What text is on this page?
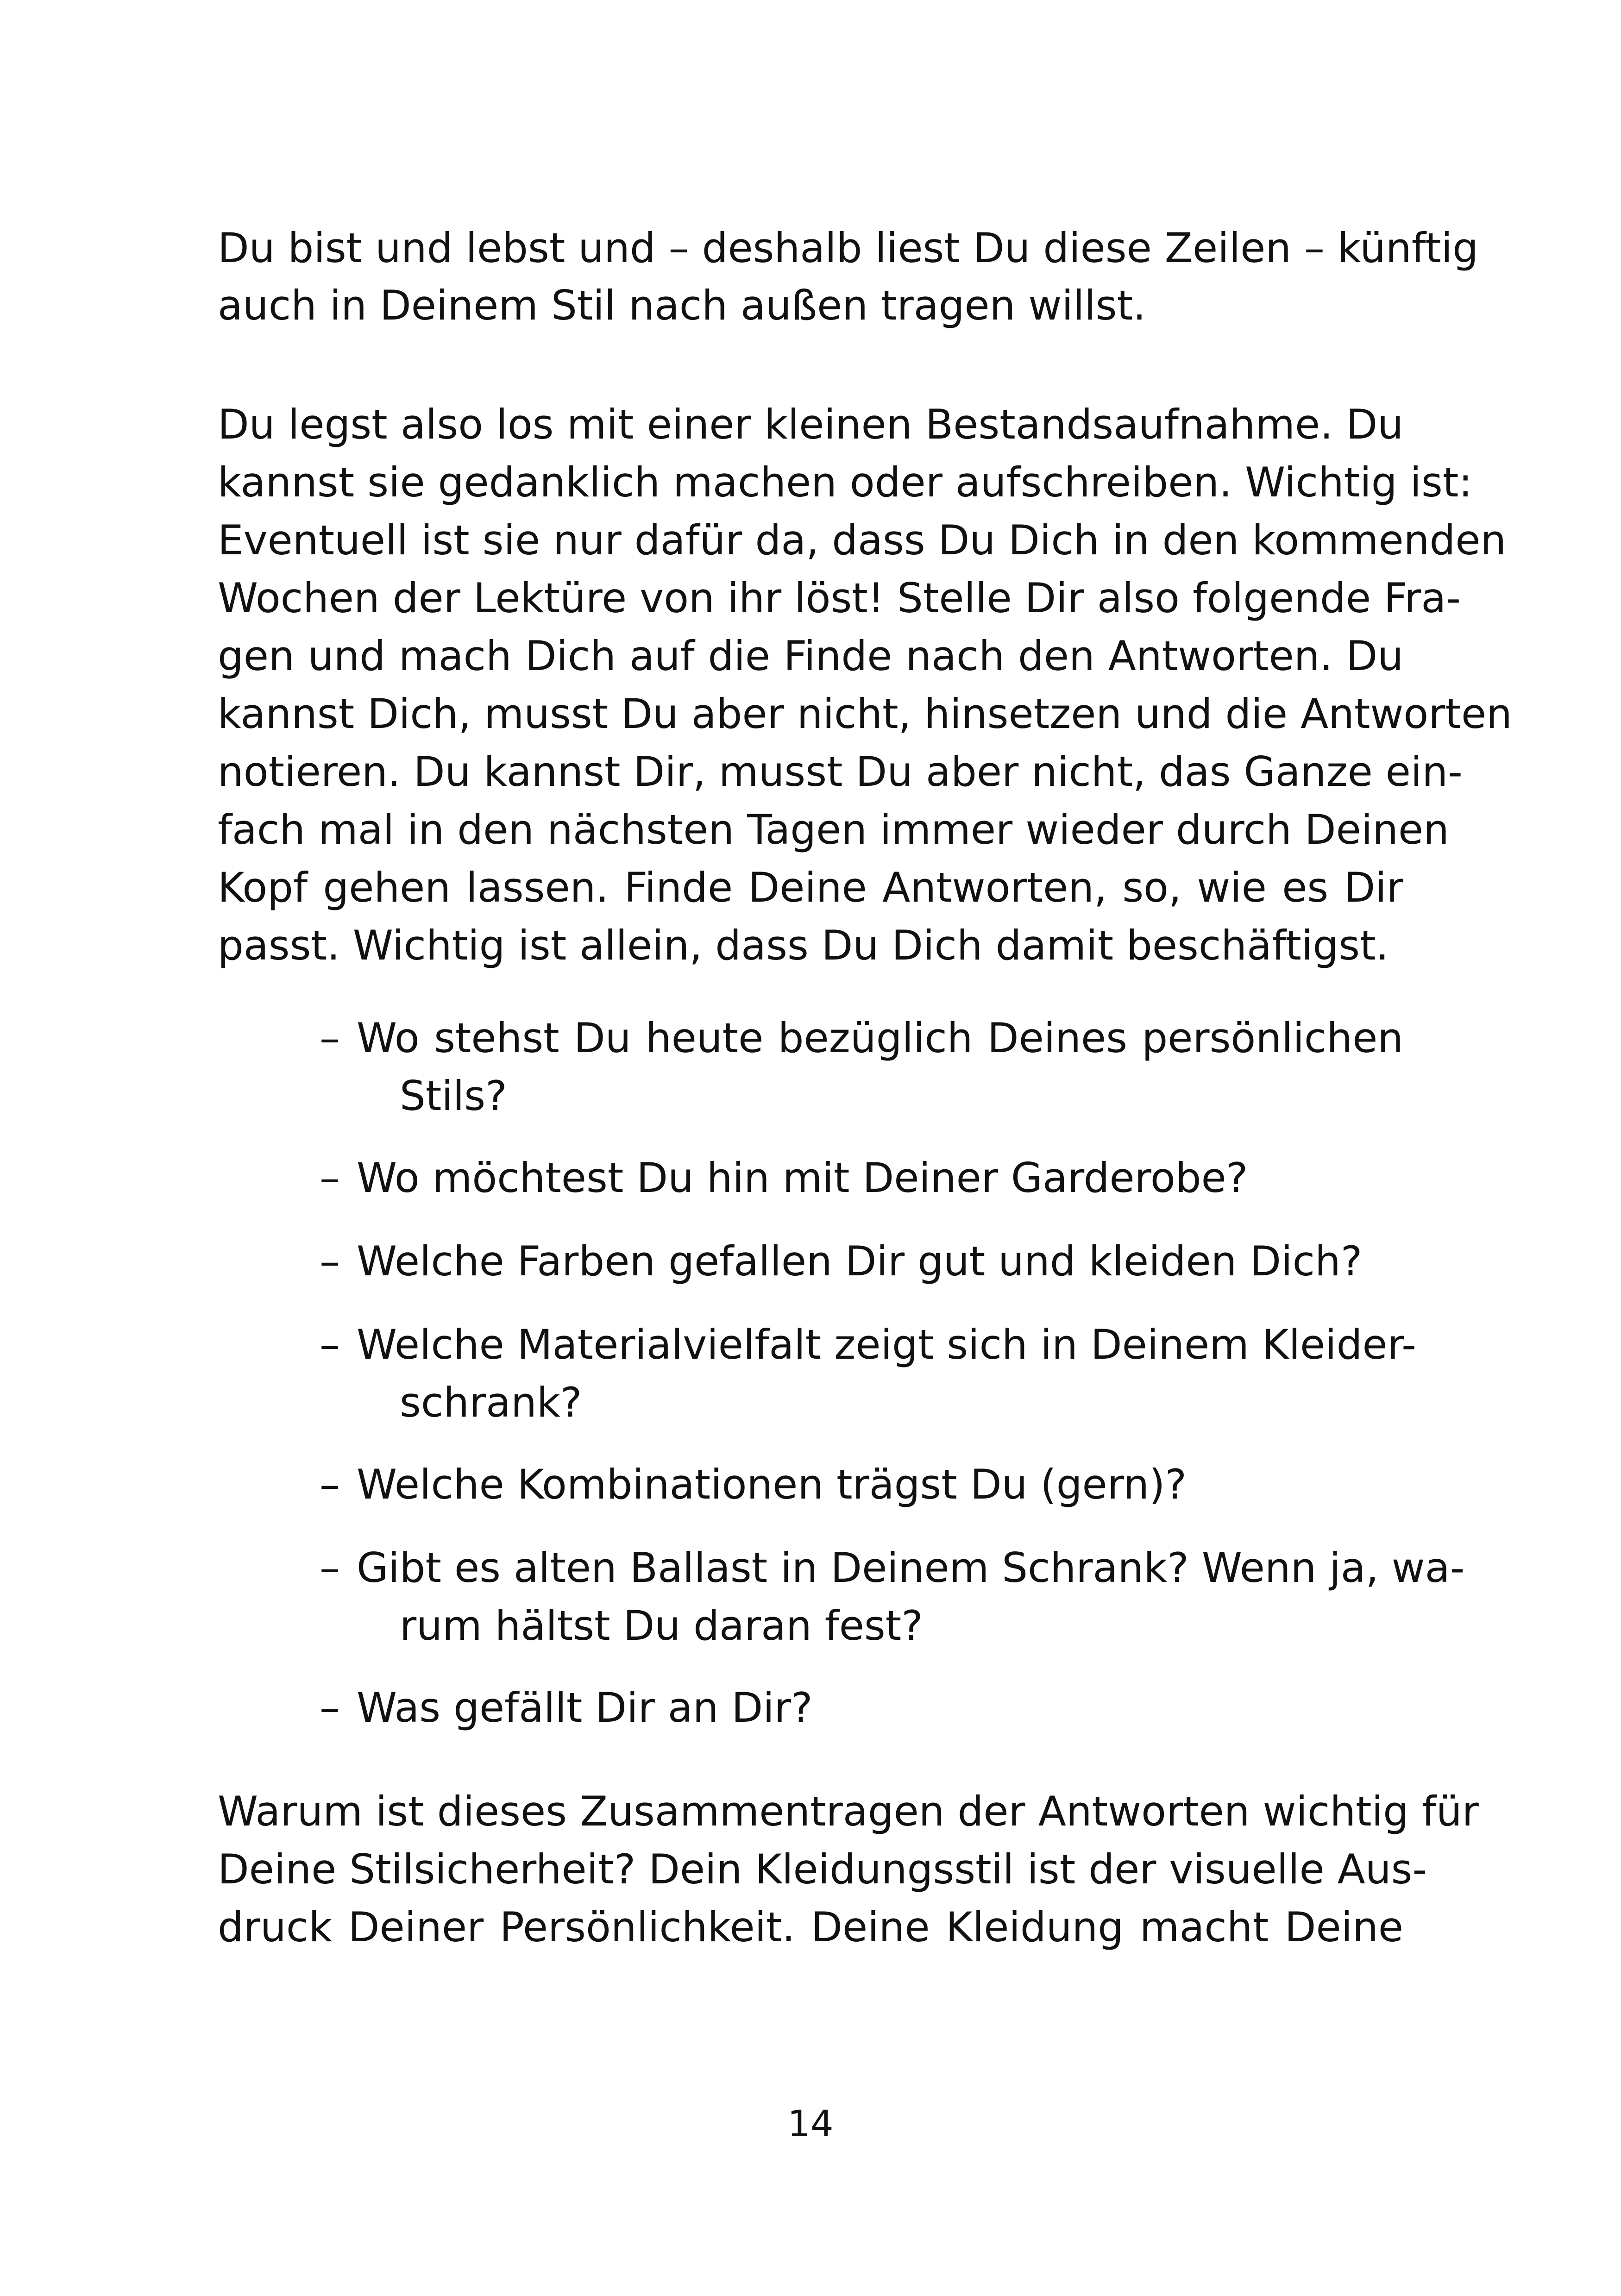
Du bist und lebst und – deshalb liest Du diese Zeilen – künftig

auch in Deinem Stil nach außen tragen willst.

Du legst also los mit einer kleinen Bestandsaufnahme. Du

kannst sie gedanklich machen oder aufschreiben. Wichtig ist:

Eventuell ist sie nur dafür da, dass Du Dich in den kommenden

Wochen der Lektüre von ihr löst! Stelle Dir also folgende Fra-

gen und mach Dich auf die Finde nach den Antworten. Du

kannst Dich, musst Du aber nicht, hinsetzen und die Antworten

notieren. Du kannst Dir, musst Du aber nicht, das Ganze ein-

fach mal in den nächsten Tagen immer wieder durch Deinen

Kopf gehen lassen. Finde Deine Antworten, so, wie es Dir

passt. Wichtig ist allein, dass Du Dich damit beschäftigst.

– Wo stehst Du heute bezüglich Deines persönlichen

Stils?

– Wo möchtest Du hin mit Deiner Garderobe?

– Welche Farben gefallen Dir gut und kleiden Dich?

– Welche Materialvielfalt zeigt sich in Deinem Kleider-

schrank?

– Welche Kombinationen trägst Du (gern)?

– Gibt es alten Ballast in Deinem Schrank? Wenn ja, wa-

rum hältst Du daran fest?

– Was gefällt Dir an Dir?

Warum ist dieses Zusammentragen der Antworten wichtig für

Deine Stilsicherheit? Dein Kleidungsstil ist der visuelle Aus-

druck Deiner Persönlichkeit. Deine Kleidung macht Deine

14
